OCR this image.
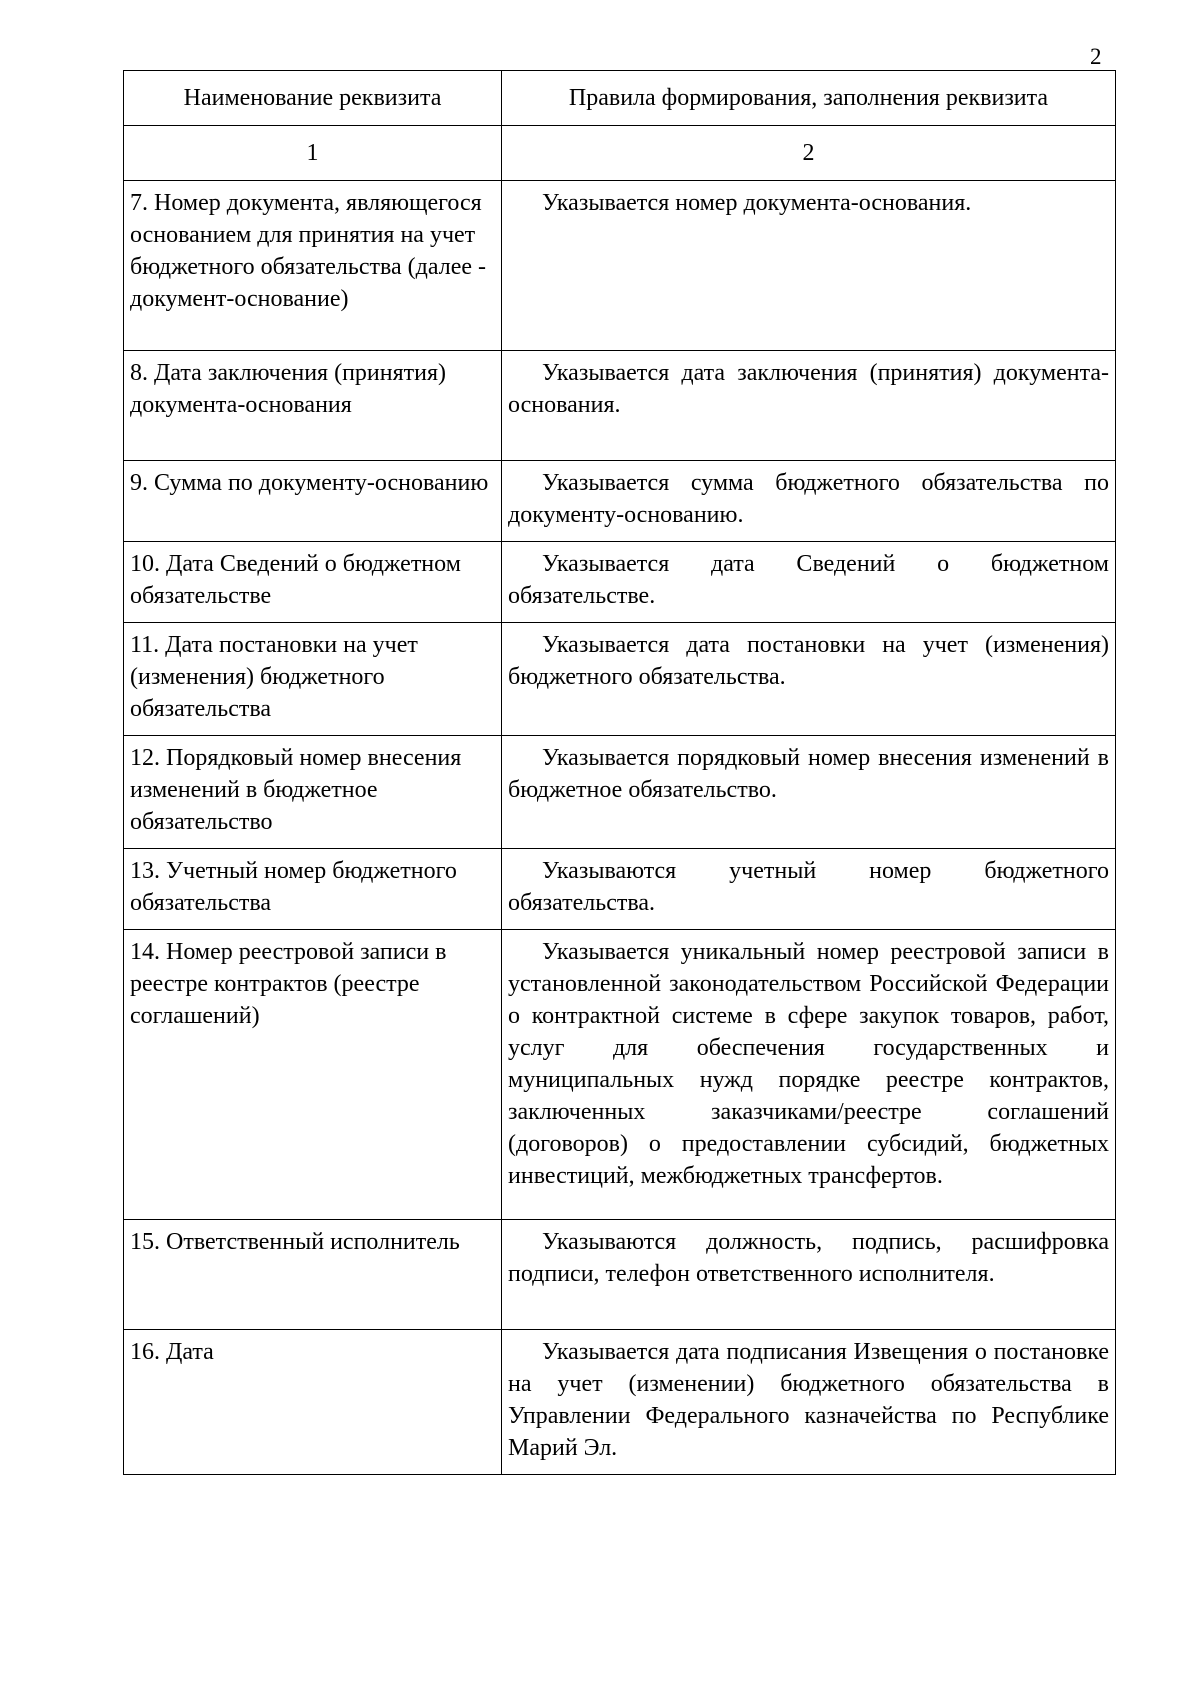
2
Наименование реквизита	Правила формирования, заполнения реквизита
1	2
7. Номер документа, являющегося основанием для принятия на учет бюджетного обязательства (далее - документ-основание)	Указывается номер документа-основания.
8. Дата заключения (принятия) документа-основания	Указывается дата заключения (принятия) документа-основания.
9. Сумма по документу-основанию	Указывается сумма бюджетного обязательства по документу-основанию.
10. Дата Сведений о бюджетном обязательстве	Указывается дата Сведений о бюджетном обязательстве.
11. Дата постановки на учет (изменения) бюджетного обязательства	Указывается дата постановки на учет (изменения) бюджетного обязательства.
12. Порядковый номер внесения изменений в бюджетное обязательство	Указывается порядковый номер внесения изменений в бюджетное обязательство.
13. Учетный номер бюджетного обязательства	Указываются учетный номер бюджетного обязательства.
14. Номер реестровой записи в реестре контрактов (реестре соглашений)	Указывается уникальный номер реестровой записи в установленной законодательством Российской Федерации о контрактной системе в сфере закупок товаров, работ, услуг для обеспечения государственных и муниципальных нужд порядке реестре контрактов, заключенных заказчиками/реестре соглашений (договоров) о предоставлении субсидий, бюджетных инвестиций, межбюджетных трансфертов.
15. Ответственный исполнитель	Указываются должность, подпись, расшифровка подписи, телефон ответственного исполнителя.
16. Дата	Указывается дата подписания Извещения о постановке на учет (изменении) бюджетного обязательства в Управлении Федерального казначейства по Республике Марий Эл.
